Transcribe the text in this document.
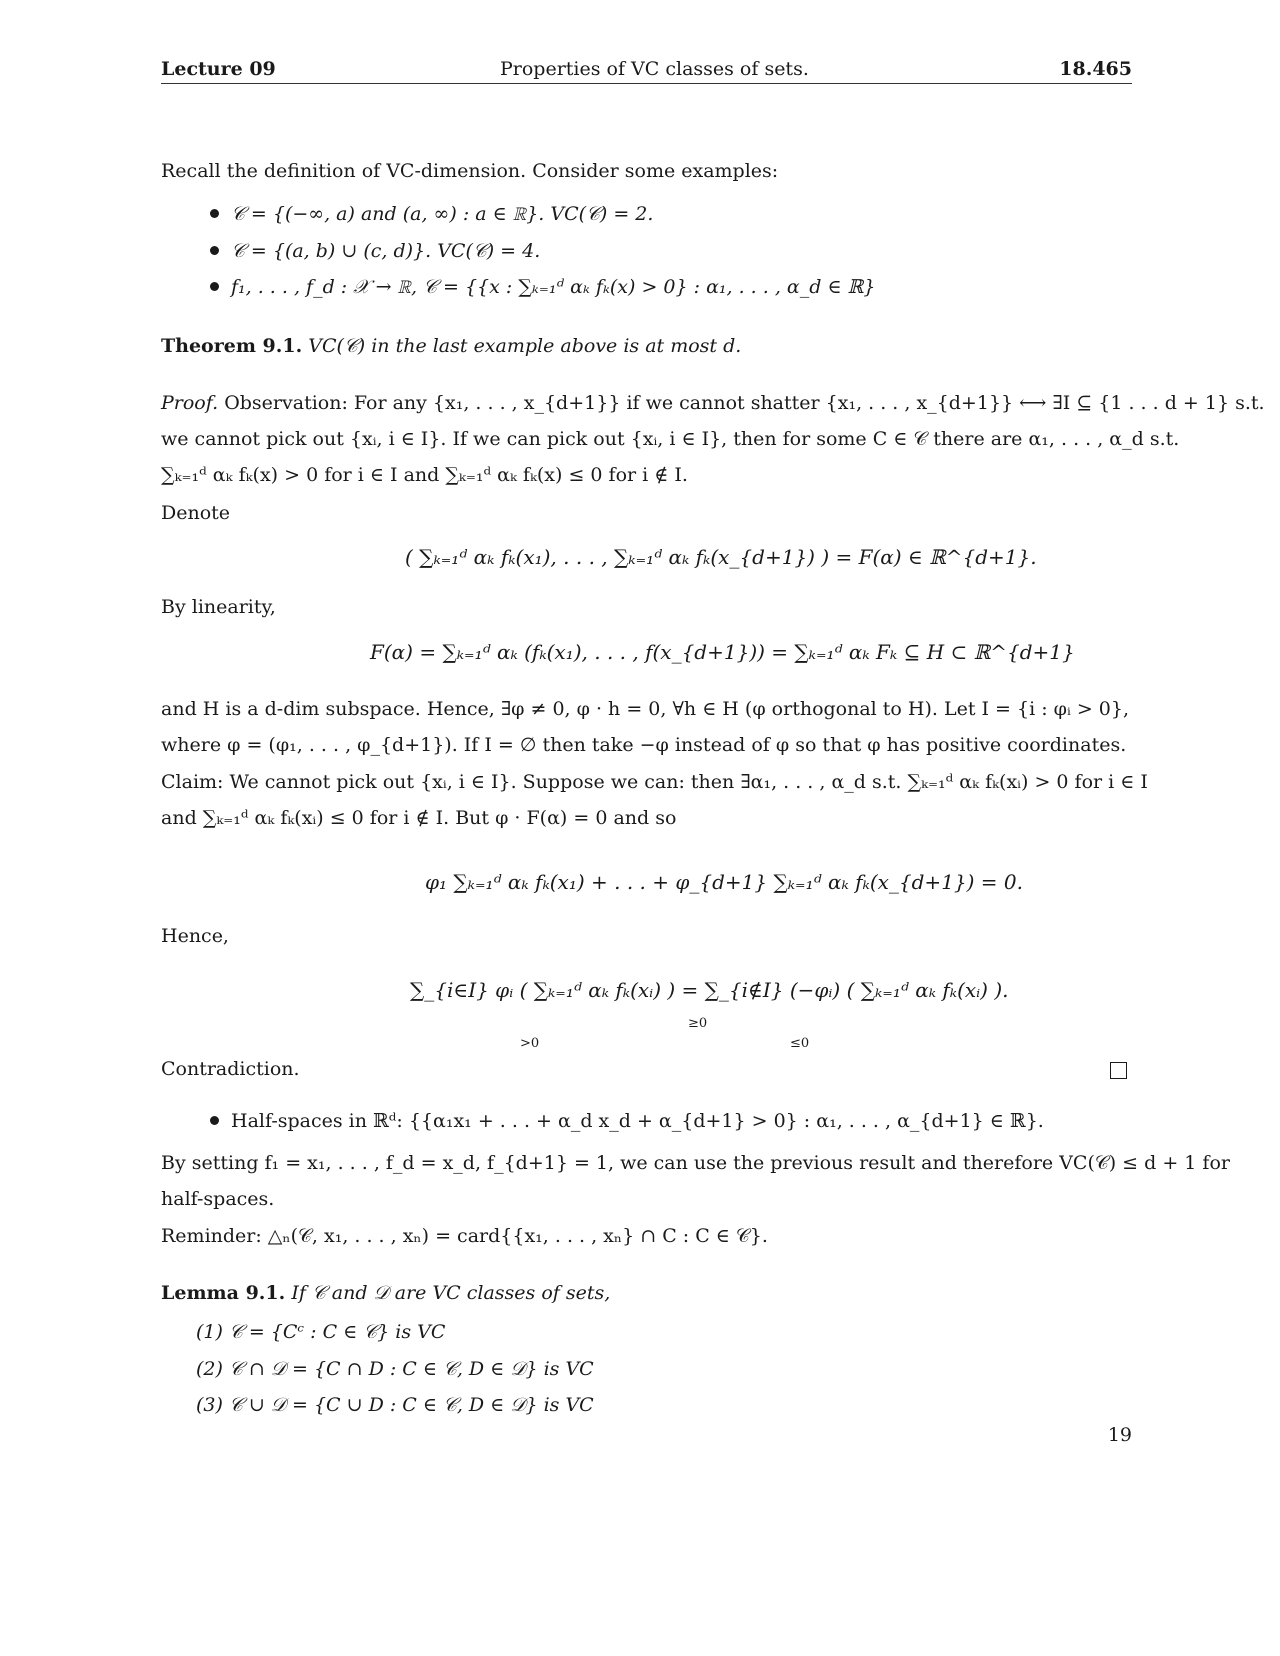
Lecture 09	Properties of VC classes of sets.	18.465
Recall the definition of VC-dimension. Consider some examples:
𝒞 = {(−∞, a) and (a, ∞) : a ∈ ℝ}. VC(𝒞) = 2.
𝒞 = {(a, b) ∪ (c, d)}. VC(𝒞) = 4.
f₁, . . . , f_d : 𝒳 → ℝ, 𝒞 = {{x : ∑ₖ₌₁ᵈ αₖ fₖ(x) > 0} : α₁, . . . , α_d ∈ ℝ}
Theorem 9.1. VC(𝒞) in the last example above is at most d.
Proof. Observation: For any {x₁, . . . , x_{d+1}} if we cannot shatter {x₁, . . . , x_{d+1}} ⟷ ∃I ⊆ {1 . . . d + 1} s.t.
we cannot pick out {xᵢ, i ∈ I}. If we can pick out {xᵢ, i ∈ I}, then for some C ∈ 𝒞 there are α₁, . . . , α_d s.t.
∑ₖ₌₁ᵈ αₖ fₖ(x) > 0 for i ∈ I and ∑ₖ₌₁ᵈ αₖ fₖ(x) ≤ 0 for i ∉ I.
Denote
( ∑ₖ₌₁ᵈ αₖ fₖ(x₁), . . . , ∑ₖ₌₁ᵈ αₖ fₖ(x_{d+1}) ) = F(α) ∈ ℝ^{d+1}.
By linearity,
F(α) = ∑ₖ₌₁ᵈ αₖ (fₖ(x₁), . . . , f(x_{d+1})) = ∑ₖ₌₁ᵈ αₖ Fₖ ⊆ H ⊂ ℝ^{d+1}
and H is a d-dim subspace. Hence, ∃φ ≠ 0, φ · h = 0, ∀h ∈ H (φ orthogonal to H). Let I = {i : φᵢ > 0},
where φ = (φ₁, . . . , φ_{d+1}). If I = ∅ then take −φ instead of φ so that φ has positive coordinates.
Claim: We cannot pick out {xᵢ, i ∈ I}. Suppose we can: then ∃α₁, . . . , α_d s.t. ∑ₖ₌₁ᵈ αₖ fₖ(xᵢ) > 0 for i ∈ I
and ∑ₖ₌₁ᵈ αₖ fₖ(xᵢ) ≤ 0 for i ∉ I. But φ · F(α) = 0 and so
φ₁ ∑ₖ₌₁ᵈ αₖ fₖ(x₁) + . . . + φ_{d+1} ∑ₖ₌₁ᵈ αₖ fₖ(x_{d+1}) = 0.
Hence,
∑_{i∈I} φᵢ ( ∑ₖ₌₁ᵈ αₖ fₖ(xᵢ) ) = ∑_{i∉I} (−φᵢ) ( ∑ₖ₌₁ᵈ αₖ fₖ(xᵢ) ).
>0
≥0
≤0
Contradiction.
Half-spaces in ℝᵈ: {{α₁x₁ + . . . + α_d x_d + α_{d+1} > 0} : α₁, . . . , α_{d+1} ∈ ℝ}.
By setting f₁ = x₁, . . . , f_d = x_d, f_{d+1} = 1, we can use the previous result and therefore VC(𝒞) ≤ d + 1 for
half-spaces.
Reminder: △ₙ(𝒞, x₁, . . . , xₙ) = card{{x₁, . . . , xₙ} ∩ C : C ∈ 𝒞}.
Lemma 9.1. If 𝒞 and 𝒟 are VC classes of sets,
(1) 𝒞 = {Cᶜ : C ∈ 𝒞} is VC
(2) 𝒞 ∩ 𝒟 = {C ∩ D : C ∈ 𝒞, D ∈ 𝒟} is VC
(3) 𝒞 ∪ 𝒟 = {C ∪ D : C ∈ 𝒞, D ∈ 𝒟} is VC
19
